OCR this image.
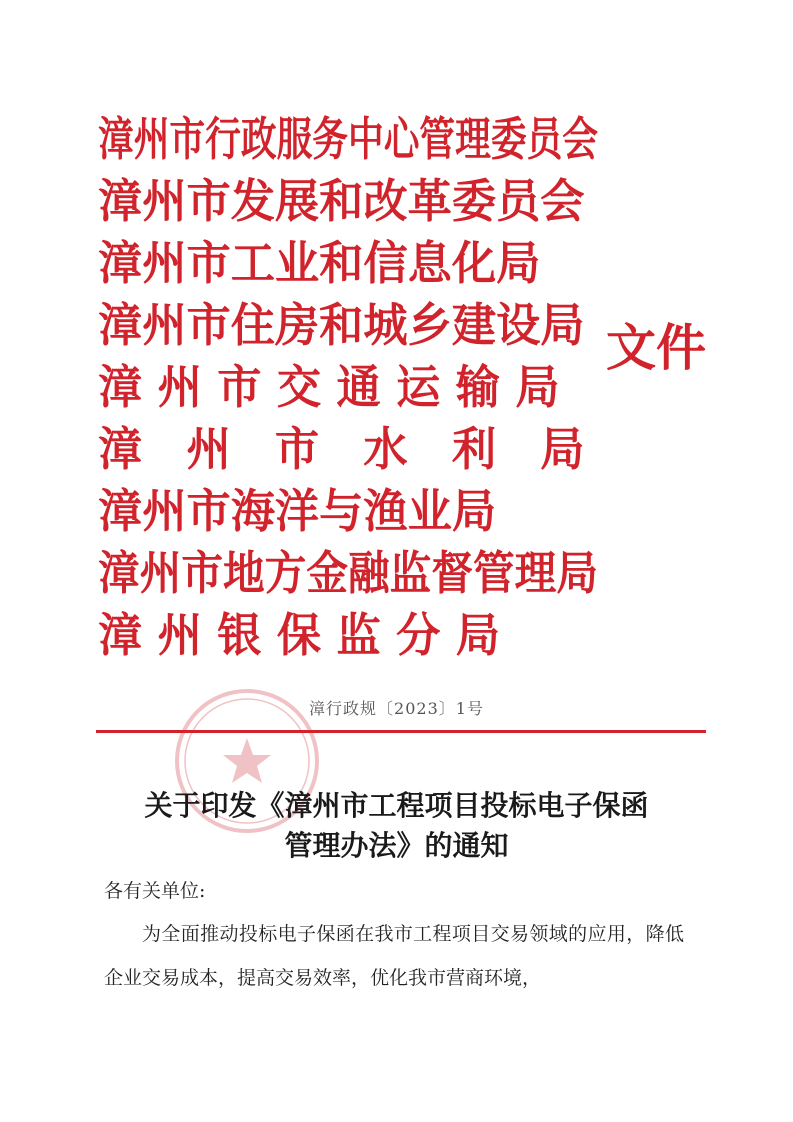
漳州市行政服务中心管理委员会
漳州市发展和改革委员会
漳州市工业和信息化局
漳州市住房和城乡建设局
漳 州 市 交 通 运 输 局
漳　州　市　水　利　局
漳州市海洋与渔业局
漳州市地方金融监督管理局
漳 州 银 保 监 分 局
文件
漳行政规〔2023〕1号
关于印发《漳州市工程项目投标电子保函
管理办法》的通知
各有关单位:

为全面推动投标电子保函在我市工程项目交易领域的应用，降低企业交易成本，提高交易效率，优化我市营商环境，
